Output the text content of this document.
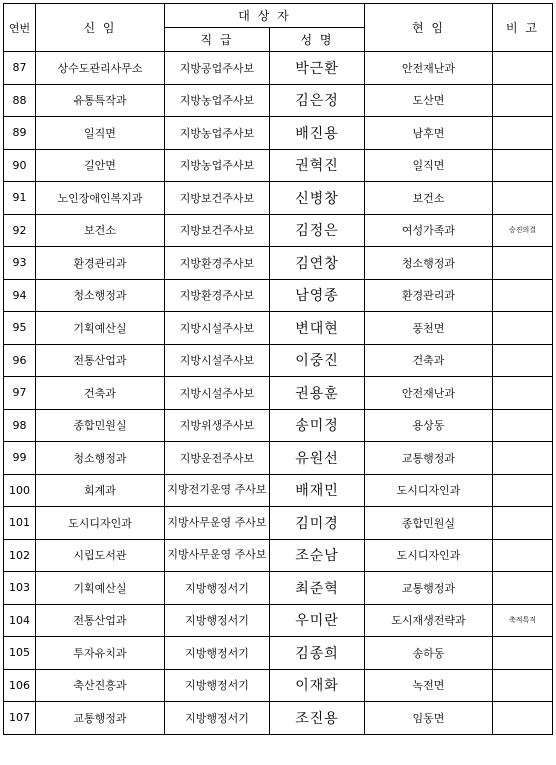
연번	신 임	대 상 자		현 임	비 고
		직 급	성 명		
87	상수도관리사무소	지방공업주사보	박근환	안전재난과	
88	유통특작과	지방농업주사보	김은정	도산면	
89	일직면	지방농업주사보	배진용	남후면	
90	길안면	지방농업주사보	권혁진	일직면	
91	노인장애인복지과	지방보건주사보	신병창	보건소	
92	보건소	지방보건주사보	김정은	여성가족과	승진의결
93	환경관리과	지방환경주사보	김연창	청소행정과	
94	청소행정과	지방환경주사보	남영종	환경관리과	
95	기획예산실	지방시설주사보	변대현	풍천면	
96	전통산업과	지방시설주사보	이중진	건축과	
97	건축과	지방시설주사보	권용훈	안전재난과	
98	종합민원실	지방위생주사보	송미정	용상동	
99	청소행정과	지방운전주사보	유원선	교통행정과	
100	회계과	지방전기운영 주사보	배재민	도시디자인과	
101	도시디자인과	지방사무운영 주사보	김미경	종합민원실	
102	시립도서관	지방사무운영 주사보	조순남	도시디자인과	
103	기획예산실	지방행정서기	최준혁	교통행정과	
104	전통산업과	지방행정서기	우미란	도시재생전략과	축적특직
105	투자유치과	지방행정서기	김종희	송하동	
106	축산진흥과	지방행정서기	이재화	녹전면	
107	교통행정과	지방행정서기	조진용	임동면	
